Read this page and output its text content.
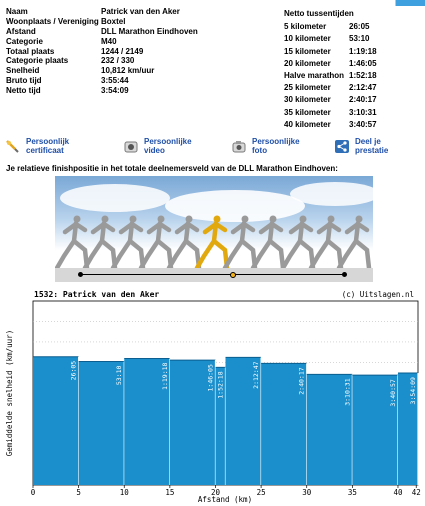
Naam	Patrick van den Aker
Woonplaats / Vereniging Boxtel
Afstand	DLL Marathon Eindhoven
Categorie	M40
Totaal plaats	1244 / 2149
Categorie plaats	232 / 330
Snelheid	10,812 km/uur
Bruto tijd	3:55:44
Netto tijd	3:54:09
Netto tussentijden
5 kilometer	26:05
10 kilometer 53:10
15 kilometer 1:19:18
20 kilometer 1:46:05
Halve marathon 1:52:18
25 kilometer 2:12:47
30 kilometer 2:40:17
35 kilometer 3:10:31
40 kilometer 3:40:57
Persoonlijk
certificaat
Persoonlijke
video
Persoonlijke
foto
Deel je
prestatie
Je relatieve finishpositie in het totale deelnemersveld van de DLL Marathon Eindhoven:
1532: Patrick van den Aker	(c) Uitslagen.nl
26:05	53:10	1:19:18	1:46:05 1:52:18	2:12:47	2:40:17	3:10:31	3:40:57 3:54:09
0	5	10	15	20	25	30	35	40 42
Afstand (km)
Gemiddelde snelheid (km/uur)
